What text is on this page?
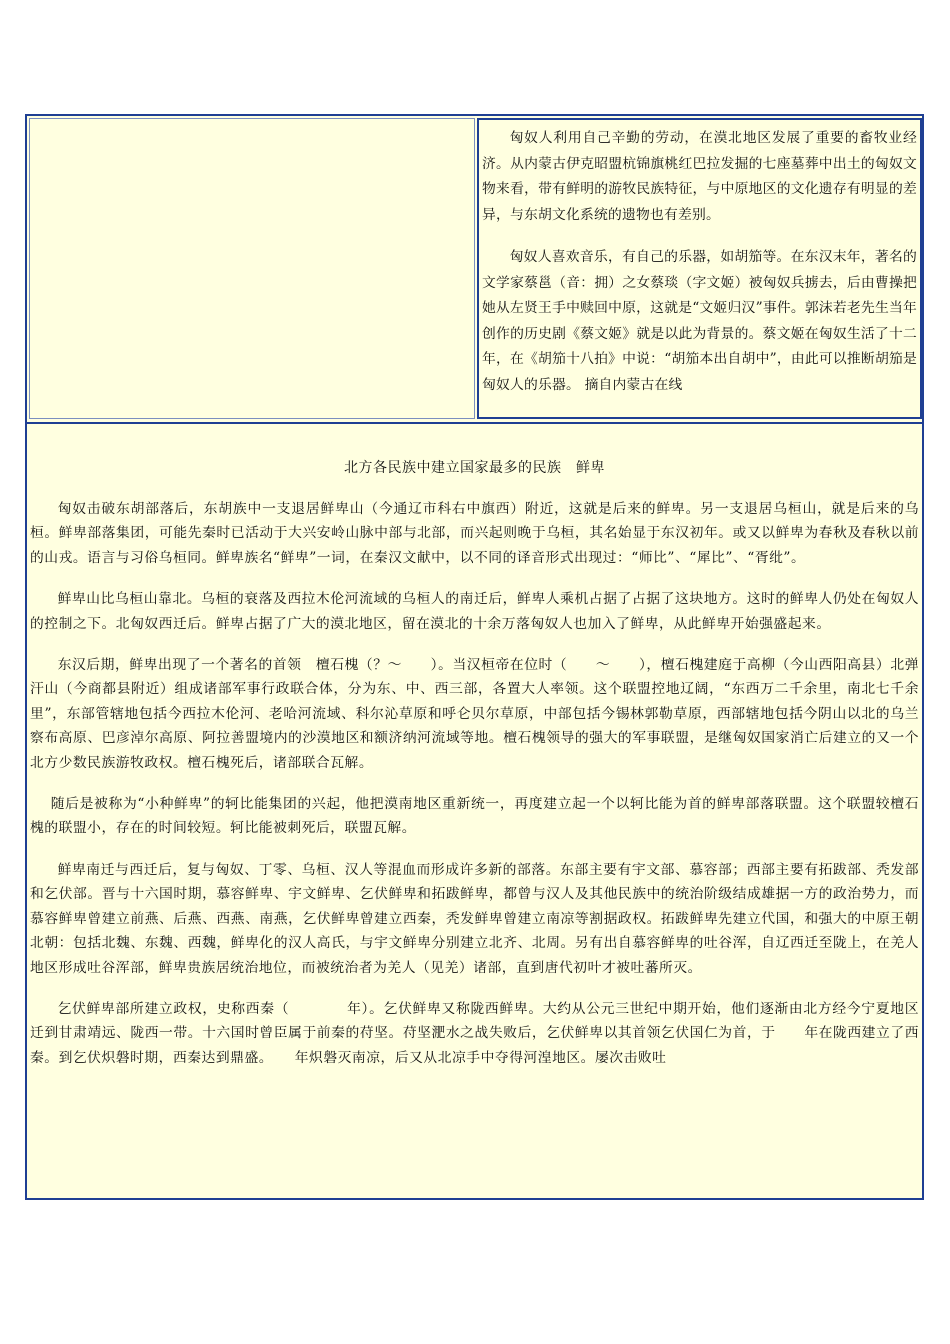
匈奴人利用自己辛勤的劳动，在漠北地区发展了重要的畜牧业经济。从内蒙古伊克昭盟杭锦旗桃红巴拉发掘的七座墓葬中出土的匈奴文物来看，带有鲜明的游牧民族特征，与中原地区的文化遗存有明显的差异，与东胡文化系统的遗物也有差别。

匈奴人喜欢音乐，有自己的乐器，如胡笳等。在东汉末年，著名的文学家蔡邕（音：拥）之女蔡琰（字文姬）被匈奴兵掳去，后由曹操把她从左贤王手中赎回中原，这就是“文姬归汉”事件。郭沫若老先生当年创作的历史剧《蔡文姬》就是以此为背景的。蔡文姬在匈奴生活了十二年，在《胡笳十八拍》中说：“胡笳本出自胡中”，由此可以推断胡笳是匈奴人的乐器。 摘自内蒙古在线

北方各民族中建立国家最多的民族　鲜卑

匈奴击破东胡部落后，东胡族中一支退居鲜卑山（今通辽市科右中旗西）附近，这就是后来的鲜卑。另一支退居乌桓山，就是后来的乌桓。鲜卑部落集团，可能先秦时已活动于大兴安岭山脉中部与北部，而兴起则晚于乌桓，其名始显于东汉初年。或又以鲜卑为春秋及春秋以前的山戎。语言与习俗乌桓同。鲜卑族名“鲜卑”一词，在秦汉文献中，以不同的译音形式出现过：“师比”、“犀比”、“胥纰”。

鲜卑山比乌桓山靠北。乌桓的衰落及西拉木伦河流域的乌桓人的南迁后，鲜卑人乘机占据了占据了这块地方。这时的鲜卑人仍处在匈奴人的控制之下。北匈奴西迁后。鲜卑占据了广大的漠北地区，留在漠北的十余万落匈奴人也加入了鲜卑，从此鲜卑开始强盛起来。

东汉后期，鲜卑出现了一个著名的首领　檀石槐（？～　　）。当汉桓帝在位时（　　～　　），檀石槐建庭于高柳（今山西阳高县）北弹汗山（今商都县附近）组成诸部军事行政联合体，分为东、中、西三部，各置大人率领。这个联盟控地辽阔，“东西万二千余里，南北七千余里”，东部管辖地包括今西拉木伦河、老哈河流域、科尔沁草原和呼仑贝尔草原，中部包括今锡林郭勒草原，西部辖地包括今阴山以北的乌兰察布高原、巴彦淖尔高原、阿拉善盟境内的沙漠地区和额济纳河流域等地。檀石槐领导的强大的军事联盟，是继匈奴国家消亡后建立的又一个北方少数民族游牧政权。檀石槐死后，诸部联合瓦解。

随后是被称为“小种鲜卑”的轲比能集团的兴起，他把漠南地区重新统一，再度建立起一个以轲比能为首的鲜卑部落联盟。这个联盟较檀石槐的联盟小，存在的时间较短。轲比能被刺死后，联盟瓦解。

鲜卑南迁与西迁后，复与匈奴、丁零、乌桓、汉人等混血而形成许多新的部落。东部主要有宇文部、慕容部；西部主要有拓跋部、秃发部和乞伏部。晋与十六国时期，慕容鲜卑、宇文鲜卑、乞伏鲜卑和拓跋鲜卑，都曾与汉人及其他民族中的统治阶级结成雄据一方的政治势力，而慕容鲜卑曾建立前燕、后燕、西燕、南燕，乞伏鲜卑曾建立西秦，秃发鲜卑曾建立南凉等割据政权。拓跋鲜卑先建立代国，和强大的中原王朝北朝：包括北魏、东魏、西魏，鲜卑化的汉人高氏，与宇文鲜卑分别建立北齐、北周。另有出自慕容鲜卑的吐谷浑，自辽西迁至陇上，在羌人地区形成吐谷浑部，鲜卑贵族居统治地位，而被统治者为羌人（见羌）诸部，直到唐代初叶才被吐蕃所灭。

乞伏鲜卑部所建立政权，史称西秦（　　　　年）。乞伏鲜卑又称陇西鲜卑。大约从公元三世纪中期开始，他们逐渐由北方经今宁夏地区迁到甘肃靖远、陇西一带。十六国时曾臣属于前秦的苻坚。苻坚淝水之战失败后，乞伏鲜卑以其首领乞伏国仁为首，于　　年在陇西建立了西秦。到乞伏炽磐时期，西秦达到鼎盛。　　年炽磐灭南凉，后又从北凉手中夺得河湟地区。屡次击败吐
